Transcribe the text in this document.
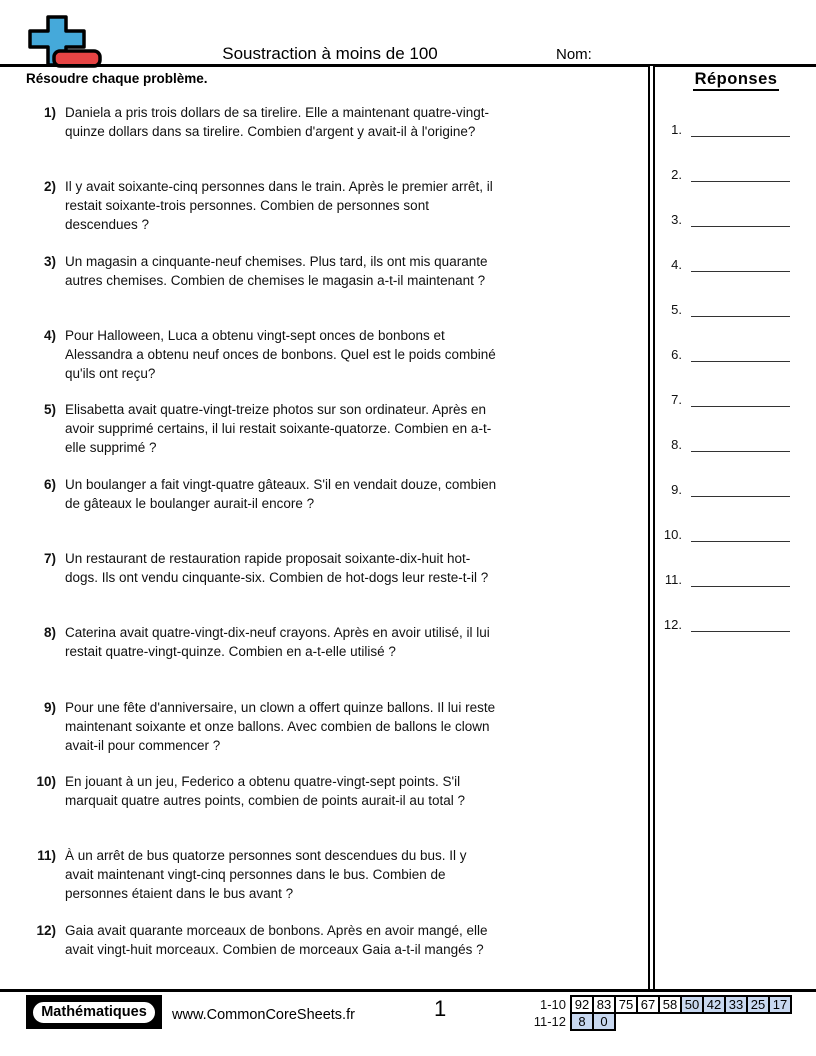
Soustraction à moins de 100	Nom:
Résoudre chaque problème.
1) Daniela a pris trois dollars de sa tirelire. Elle a maintenant quatre-vingt-quinze dollars dans sa tirelire. Combien d'argent y avait-il à l'origine?
2) Il y avait soixante-cinq personnes dans le train. Après le premier arrêt, il restait soixante-trois personnes. Combien de personnes sont descendues ?
3) Un magasin a cinquante-neuf chemises. Plus tard, ils ont mis quarante autres chemises. Combien de chemises le magasin a-t-il maintenant ?
4) Pour Halloween, Luca a obtenu vingt-sept onces de bonbons et Alessandra a obtenu neuf onces de bonbons. Quel est le poids combiné qu'ils ont reçu?
5) Elisabetta avait quatre-vingt-treize photos sur son ordinateur. Après en avoir supprimé certains, il lui restait soixante-quatorze. Combien en a-t-elle supprimé ?
6) Un boulanger a fait vingt-quatre gâteaux. S'il en vendait douze, combien de gâteaux le boulanger aurait-il encore ?
7) Un restaurant de restauration rapide proposait soixante-dix-huit hot-dogs. Ils ont vendu cinquante-six. Combien de hot-dogs leur reste-t-il ?
8) Caterina avait quatre-vingt-dix-neuf crayons. Après en avoir utilisé, il lui restait quatre-vingt-quinze. Combien en a-t-elle utilisé ?
9) Pour une fête d'anniversaire, un clown a offert quinze ballons. Il lui reste maintenant soixante et onze ballons. Avec combien de ballons le clown avait-il pour commencer ?
10) En jouant à un jeu, Federico a obtenu quatre-vingt-sept points. S'il marquait quatre autres points, combien de points aurait-il au total ?
11) À un arrêt de bus quatorze personnes sont descendues du bus. Il y avait maintenant vingt-cinq personnes dans le bus. Combien de personnes étaient dans le bus avant ?
12) Gaia avait quarante morceaux de bonbons. Après en avoir mangé, elle avait vingt-huit morceaux. Combien de morceaux Gaia a-t-il mangés ?
Réponses
1.
2.
3.
4.
5.
6.
7.
8.
9.
10.
11.
12.
Mathématiques	www.CommonCoreSheets.fr	1	1-10 92 83 75 67 58 50 42 33 25 17
11-12 8	0
